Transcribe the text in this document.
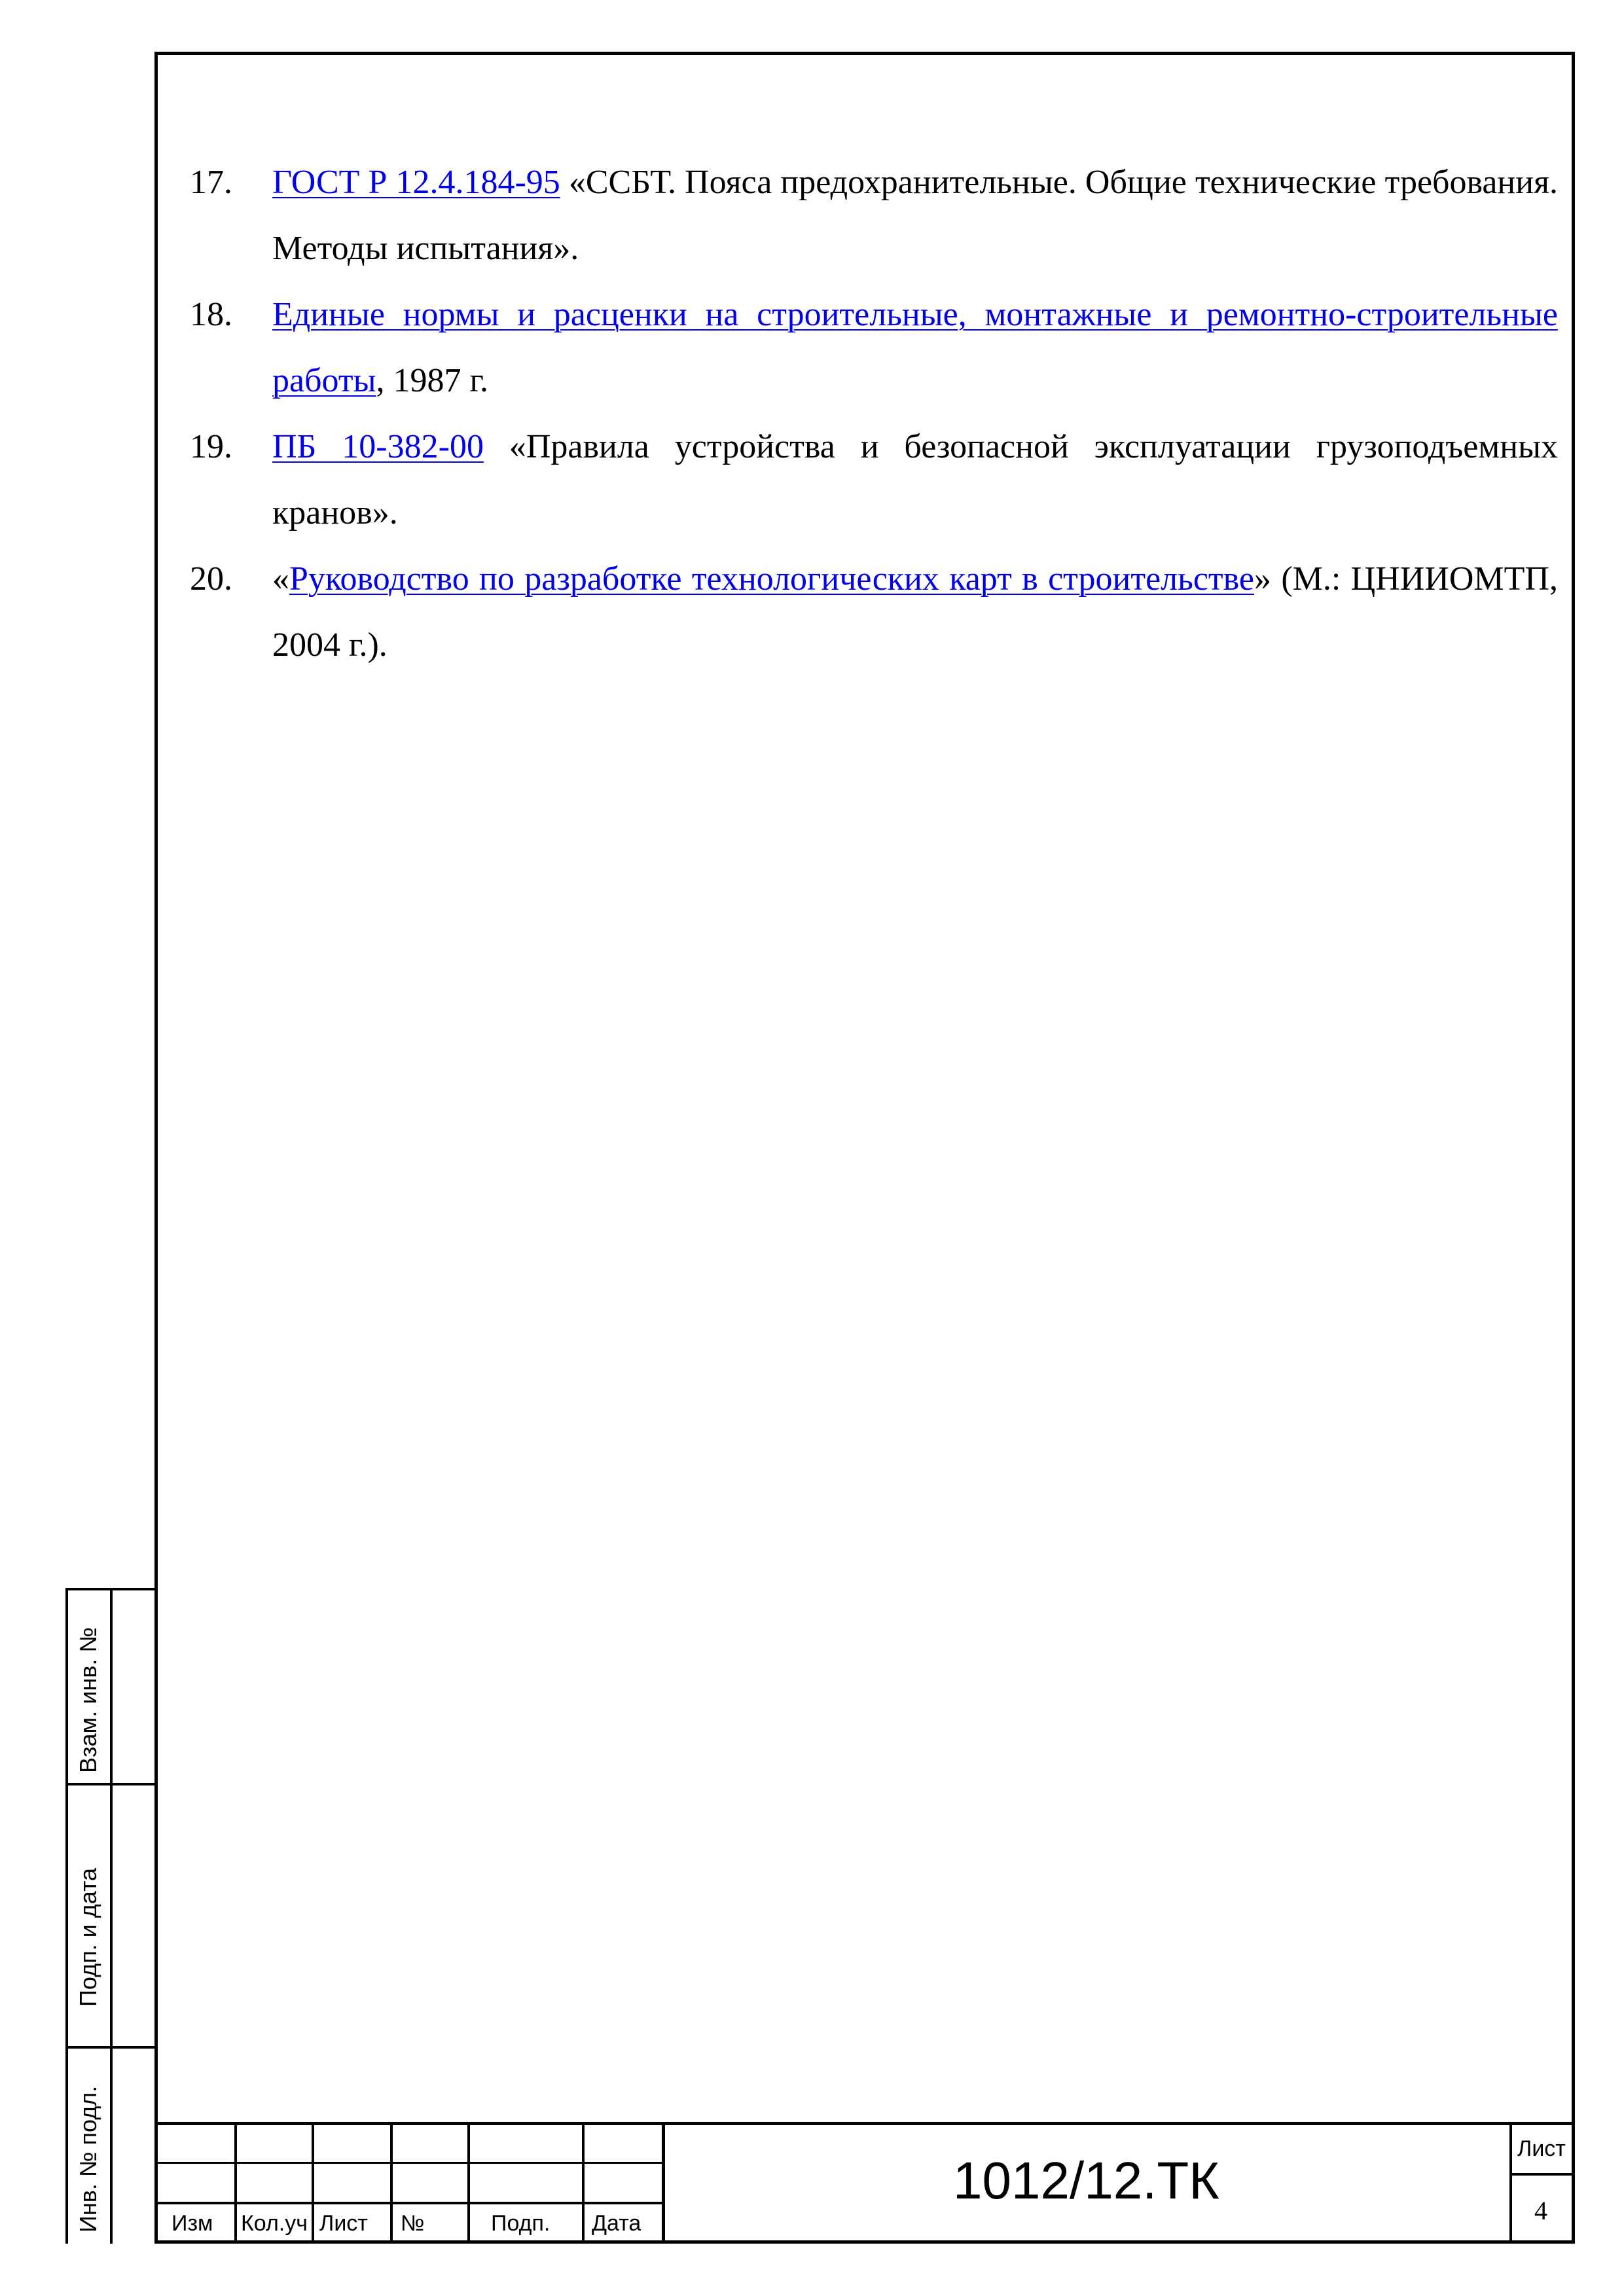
17. ГОСТ Р 12.4.184-95 «ССБТ. Пояса предохранительные. Общие технические требования. Методы испытания».

18. Единые нормы и расценки на строительные, монтажные и ремонтно-строительные работы, 1987 г.

19. ПБ 10-382-00 «Правила устройства и безопасной эксплуатации грузоподъемных кранов».

20. «Руководство по разработке технологических карт в строительстве» (М.: ЦНИИОМТП, 2004 г.).

Взам. инв. №
Подп. и дата
Инв. № подл.	Изм Кол.уч Лист №	Подп. Дата
1012/12.ТК
Лист
4
